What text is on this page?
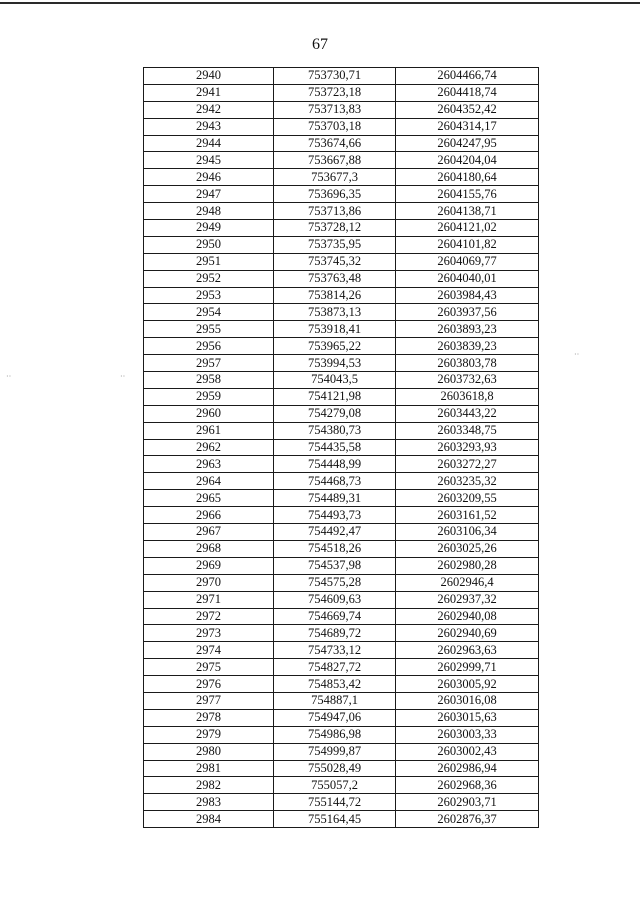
67
2940	753730,71	2604466,74
2941	753723,18	2604418,74
2942	753713,83	2604352,42
2943	753703,18	2604314,17
2944	753674,66	2604247,95
2945	753667,88	2604204,04
2946	753677,3	2604180,64
2947	753696,35	2604155,76
2948	753713,86	2604138,71
2949	753728,12	2604121,02
2950	753735,95	2604101,82
2951	753745,32	2604069,77
2952	753763,48	2604040,01
2953	753814,26	2603984,43
2954	753873,13	2603937,56
2955	753918,41	2603893,23
2956	753965,22	2603839,23
2957	753994,53	2603803,78
2958	754043,5	2603732,63
2959	754121,98	2603618,8
2960	754279,08	2603443,22
2961	754380,73	2603348,75
2962	754435,58	2603293,93
2963	754448,99	2603272,27
2964	754468,73	2603235,32
2965	754489,31	2603209,55
2966	754493,73	2603161,52
2967	754492,47	2603106,34
2968	754518,26	2603025,26
2969	754537,98	2602980,28
2970	754575,28	2602946,4
2971	754609,63	2602937,32
2972	754669,74	2602940,08
2973	754689,72	2602940,69
2974	754733,12	2602963,63
2975	754827,72	2602999,71
2976	754853,42	2603005,92
2977	754887,1	2603016,08
2978	754947,06	2603015,63
2979	754986,98	2603003,33
2980	754999,87	2603002,43
2981	755028,49	2602986,94
2982	755057,2	2602968,36
2983	755144,72	2602903,71
2984	755164,45	2602876,37
··	··
··
